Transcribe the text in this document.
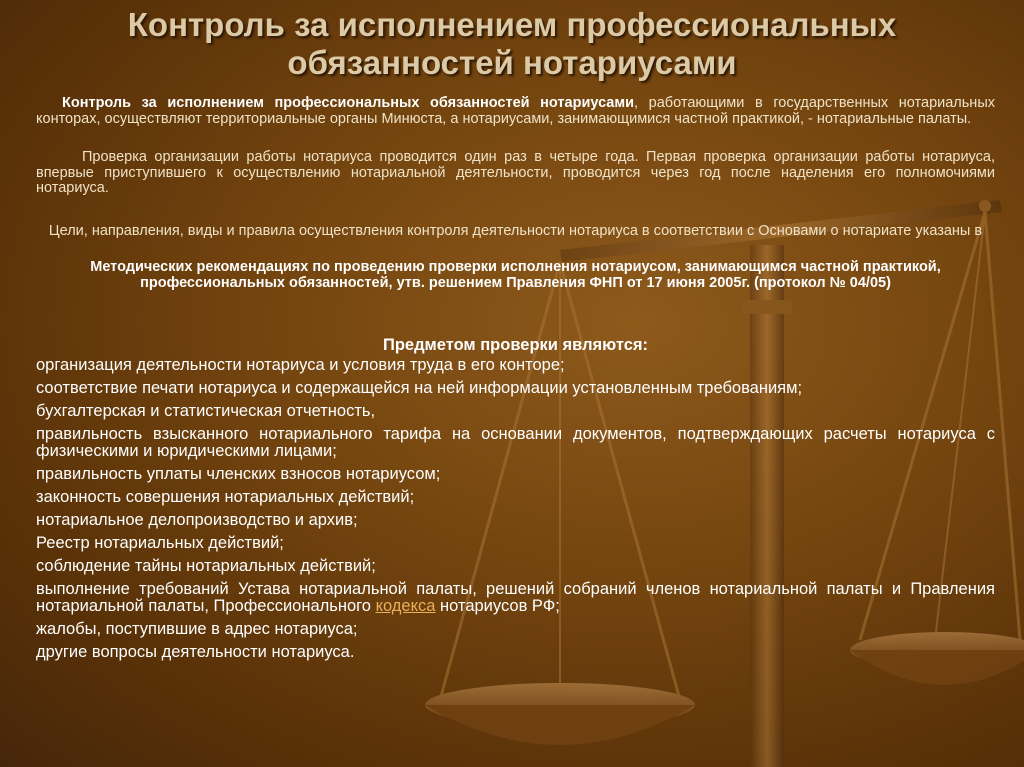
Контроль за исполнением профессиональных обязанностей нотариусами

Контроль за исполнением профессиональных обязанностей нотариусами, работающими в государственных нотариальных конторах, осуществляют территориальные органы Минюста, а нотариусами, занимающимися частной практикой, - нотариальные палаты.

Проверка организации работы нотариуса проводится один раз в четыре года. Первая проверка организации работы нотариуса, впервые приступившего к осуществлению нотариальной деятельности, проводится через год после наделения его полномочиями нотариуса.

Цели, направления, виды и правила осуществления контроля деятельности нотариуса в соответствии с Основами о нотариате указаны в

Методических рекомендациях по проведению проверки исполнения нотариусом, занимающимся частной практикой, профессиональных обязанностей, утв. решением Правления ФНП от 17 июня 2005г. (протокол № 04/05)

Предметом проверки являются:

организация деятельности нотариуса и условия труда в его конторе;
соответствие печати нотариуса и содержащейся на ней информации установленным требованиям;
бухгалтерская и статистическая отчетность,
правильность взысканного нотариального тарифа на основании документов, подтверждающих расчеты нотариуса с физическими и юридическими лицами;
правильность уплаты членских взносов нотариусом;
законность совершения нотариальных действий;
нотариальное делопроизводство и архив;
Реестр нотариальных действий;
соблюдение тайны нотариальных действий;
выполнение требований Устава нотариальной палаты, решений собраний членов нотариальной палаты и Правления нотариальной палаты, Профессионального кодекса нотариусов РФ;
жалобы, поступившие в адрес нотариуса;
другие вопросы деятельности нотариуса.
